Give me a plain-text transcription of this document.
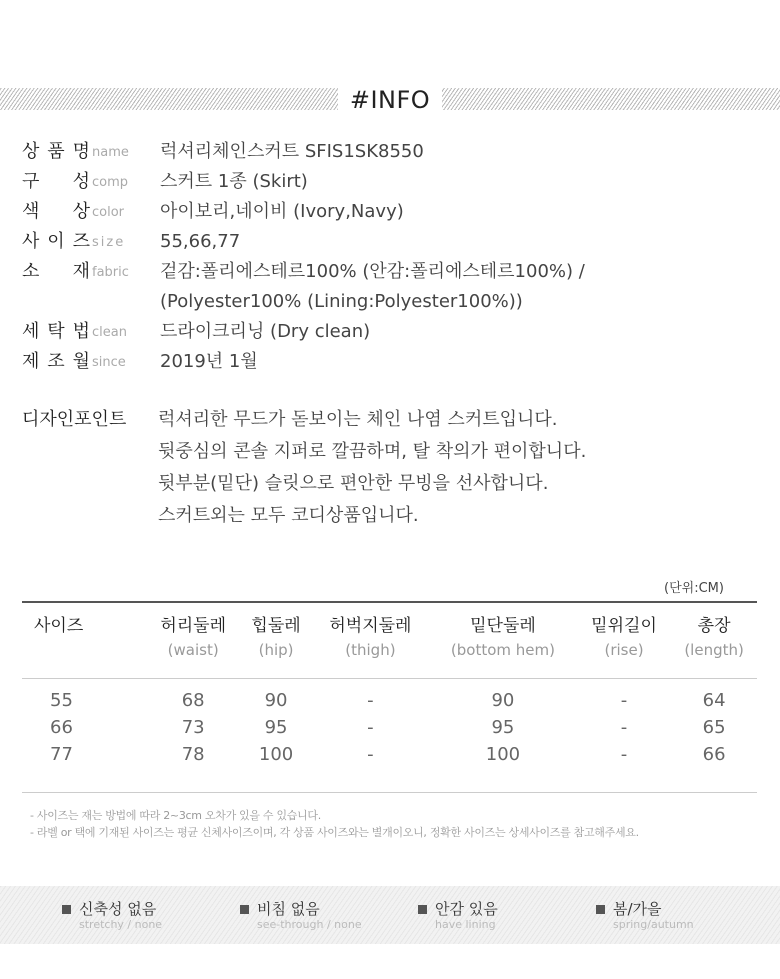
#INFO
상 품 명 name	럭셔리체인스커트 SFIS1SK8550
구 성 comp	스커트 1종 (Skirt)
색 상 color	아이보리,네이비 (Ivory,Navy)
사 이 즈 size	55,66,77
소 재 fabric	겉감:폴리에스테르100% (안감:폴리에스테르100%) /
(Polyester100% (Lining:Polyester100%))
세 탁 법 clean	드라이크리닝 (Dry clean)
제 조 월 since	2019년 1월
디자인포인트	럭셔리한 무드가 돋보이는 체인 나염 스커트입니다.
뒷중심의 콘솔 지퍼로 깔끔하며, 탈 착의가 편이합니다.
뒷부분(밑단) 슬릿으로 편안한 무빙을 선사합니다.
스커트외는 모두 코디상품입니다.
(단위:CM)
사이즈	허리둘레	힙둘레	허벅지둘레	밑단둘레	밑위길이	총장
	(waist)	(hip)	(thigh)	(bottom hem)	(rise)	(length)

55	68	90	-	90	-	64
66	73	95	-	95	-	65
77	78	100	-	100	-	66

- 사이즈는 재는 방법에 따라 2~3cm 오차가 있을 수 있습니다.
- 라벨 or 택에 기재된 사이즈는 평균 신체사이즈이며, 각 상품 사이즈와는 별개이오니, 정확한 사이즈는 상세사이즈를 참고해주세요.
신축성 없음
stretchy / none
비침 없음
see-through / none
안감 있음
have lining
봄/가을
spring/autumn
